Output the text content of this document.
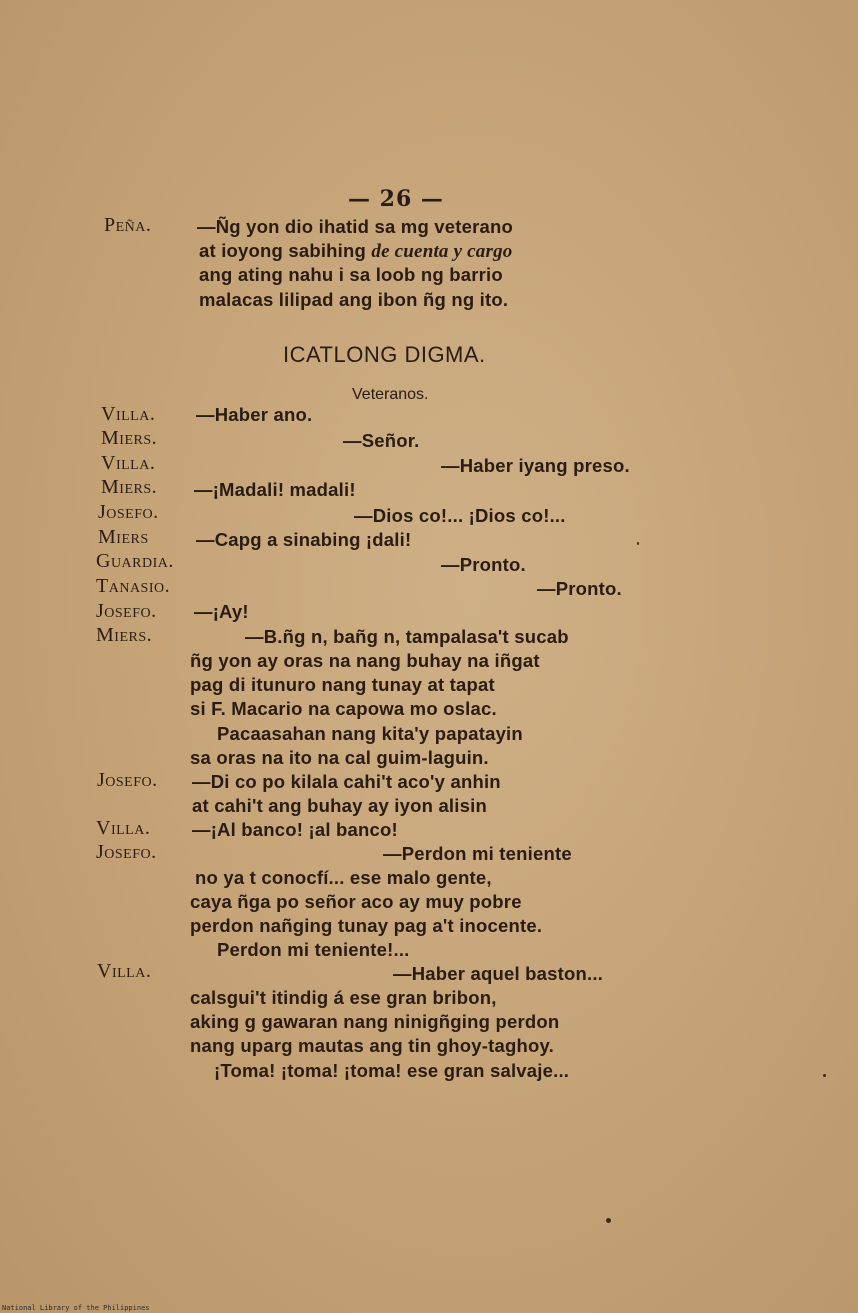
— 26 —
Peña. —Ñg yon dio ihatid sa mg veterano
at ioyong sabihing de cuenta y cargo
ang ating nahu i sa loob ng barrio
malacas lilipad ang ibon ñg ng ito.
ICATLONG DIGMA.
Veteranos.
Villa. —Haber ano.
Miers.	—Señor.
Villa.	—Haber iyang preso.
Miers. —¡Madali! madali!
Josefo.	—Dios co!... ¡Dios co!...
Miers	—Capg a sinabing ¡dali!
Guardia.	—Pronto.
Tanasio.	—Pronto.
Josefo. —¡Ay!
Miers.	—B.ñg n, bañg n, tampalasa't sucab
ñg yon ay oras na nang buhay na iñgat
pag di itunuro nang tunay at tapat
si F. Macario na capowa mo oslac.
Pacaasahan nang kita'y papatayin
sa oras na ito na cal guim-laguin.
Josefo. —Di co po kilala cahi't aco'y anhin
at cahi't ang buhay ay iyon alisin
Villa. —¡Al banco! ¡al banco!
Josefo.	—Perdon mi teniente
no ya t conocfí... ese malo gente,
caya ñga po señor aco ay muy pobre
perdon nañging tunay pag a't inocente.
Perdon mi teniente!...
Villa.	—Haber aquel baston...
calsgui't itindig á ese gran bribon,
aking g gawaran nang ninigñging perdon
nang uparg mautas ang tin ghoy-taghoy.
¡Toma! ¡toma! ¡toma! ese gran salvaje...
National Library of the Philippines
